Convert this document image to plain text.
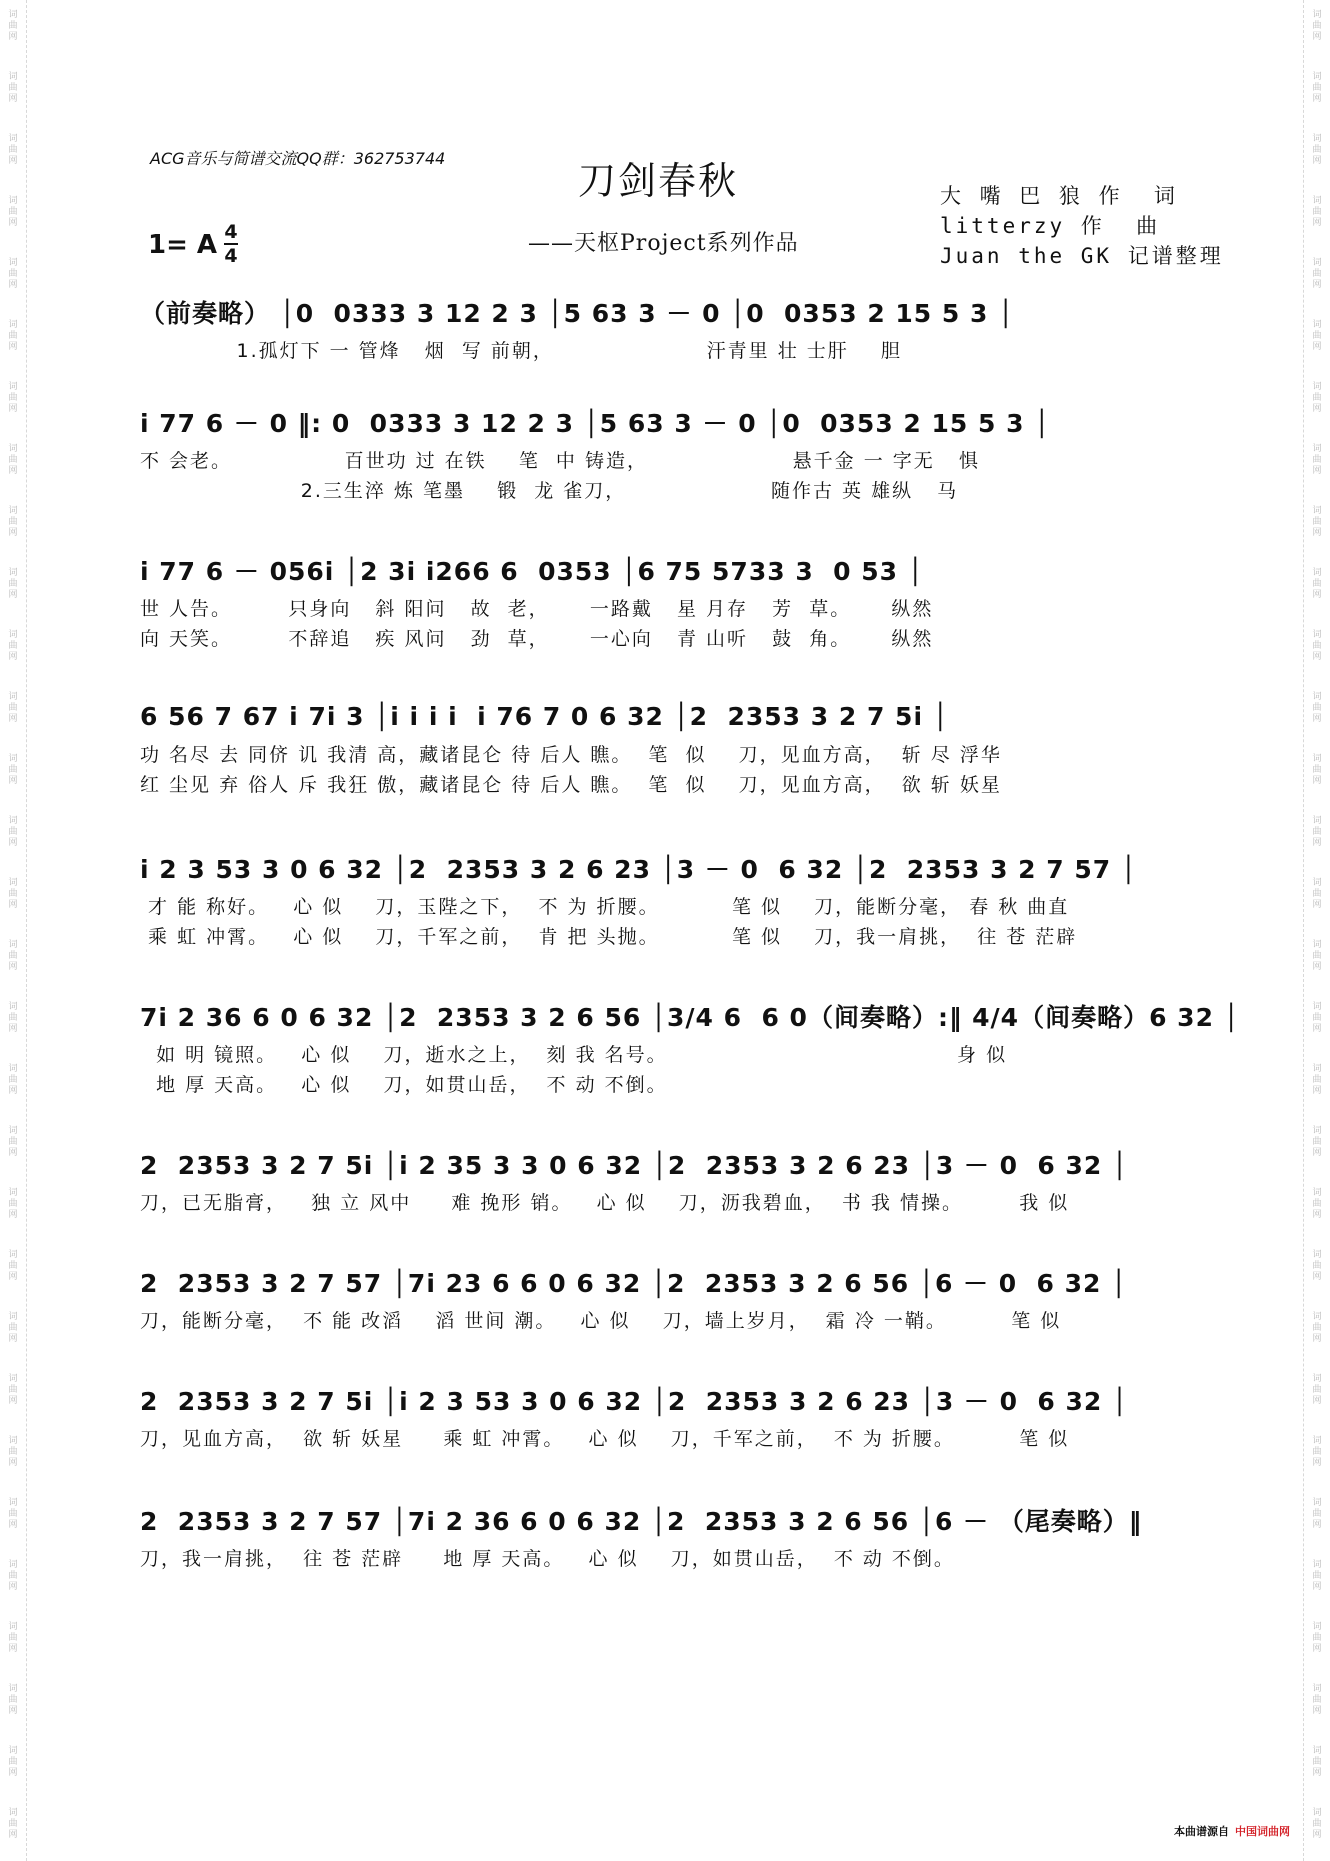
词
曲
网
词
曲
网
词
曲
网
词
曲
网
词
曲
网
词
曲
网
词
曲
网
词
曲
网
词
曲
网
词
曲
网
词
曲
网
词
曲
网
词
曲
网
词
曲
网
词
曲
网
词
曲
网
词
曲
网
词
曲
网
词
曲
网
词
曲
网
词
曲
网
词
曲
网
词
曲
网
词
曲
网
词
曲
网
词
曲
网
词
曲
网
词
曲
网
词
曲
网
词
曲
网
词
曲
网
词
曲
网
词
曲
网
词
曲
网
词
曲
网
词
曲
网
词
曲
网
词
曲
网
词
曲
网
词
曲
网
词
曲
网
词
曲
网
词
曲
网
词
曲
网
词
曲
网
词
曲
网
词
曲
网
词
曲
网
词
曲
网
词
曲
网
词
曲
网
词
曲
网
词
曲
网
词
曲
网
词
曲
网
词
曲
网
词
曲
网
词
曲
网
词
曲
网
词
曲
网
ACG音乐与简谱交流QQ群：362753744
刀剑春秋
——天枢Project系列作品
大 嘴 巴 狼 作  词
litterzy 作  曲
Juan the GK 记谱整理
1= A 4
4
（前奏略） │0  0333 3 12 2 3 │5 63 3 － 0 │0  0353 2 15 5 3 │
1.孤灯下 一 管烽   烟  写 前朝，                   汗青里 壮 士肝    胆
i 77 6 － 0 ‖: 0  0333 3 12 2 3 │5 63 3 － 0 │0  0353 2 15 5 3 │
不 会老。              百世功 过 在铁    笔  中 铸造，                  悬千金 一 字无   惧
2.三生淬 炼 笔墨    锻  龙 雀刀，                  随作古 英 雄纵   马
i 77 6 － 056i │2 3i i266 6  0353 │6 75 5733 3  0 53 │
世 人告。       只身向   斜 阳问   故  老，     一路戴   星 月存   芳  草。     纵然
向 天笑。       不辞追   疾 风问   劲  草，     一心向   青 山听   鼓  角。     纵然
6 56 7 67 i 7i 3 │i i i i  i 76 7 0 6 32 │2  2353 3 2 7 5i │
功 名尽 去 同侪 讥 我清 高，藏诸昆仑 待 后人 瞧。  笔  似    刀，见血方高，  斩 尽 浮华
红 尘见 弃 俗人 斥 我狂 傲，藏诸昆仑 待 后人 瞧。  笔  似    刀，见血方高，  欲 斩 妖星
i 2 3 53 3 0 6 32 │2  2353 3 2 6 23 │3 － 0  6 32 │2  2353 3 2 7 57 │
才 能 称好。   心 似    刀，玉陛之下，  不 为 折腰。         笔 似    刀，能断分毫， 春 秋 曲直
乘 虹 冲霄。   心 似    刀，千军之前，  肯 把 头抛。         笔 似    刀，我一肩挑，  往 苍 茫辟
7i 2 36 6 0 6 32 │2  2353 3 2 6 56 │3/4 6  6 0（间奏略）:‖ 4/4（间奏略）6 32 │
如 明 镜照。   心 似    刀，逝水之上，  刻 我 名号。                                    身 似
地 厚 天高。   心 似    刀，如贯山岳，  不 动 不倒。
2  2353 3 2 7 5i │i 2 35 3 3 0 6 32 │2  2353 3 2 6 23 │3 － 0  6 32 │
刀，已无脂膏，   独 立 风中     难 挽形 销。   心 似    刀，沥我碧血，  书 我 情操。       我 似
2  2353 3 2 7 57 │7i 23 6 6 0 6 32 │2  2353 3 2 6 56 │6 － 0  6 32 │
刀，能断分毫，  不 能 改滔    滔 世间 潮。   心 似    刀，墙上岁月，  霜 冷 一鞘。        笔 似
2  2353 3 2 7 5i │i 2 3 53 3 0 6 32 │2  2353 3 2 6 23 │3 － 0  6 32 │
刀，见血方高，  欲 斩 妖星     乘 虹 冲霄。   心 似    刀，千军之前，  不 为 折腰。        笔 似
2  2353 3 2 7 57 │7i 2 36 6 0 6 32 │2  2353 3 2 6 56 │6 － （尾奏略）‖
刀，我一肩挑，  往 苍 茫辟     地 厚 天高。   心 似    刀，如贯山岳，  不 动 不倒。
本曲谱源自 中国词曲网
